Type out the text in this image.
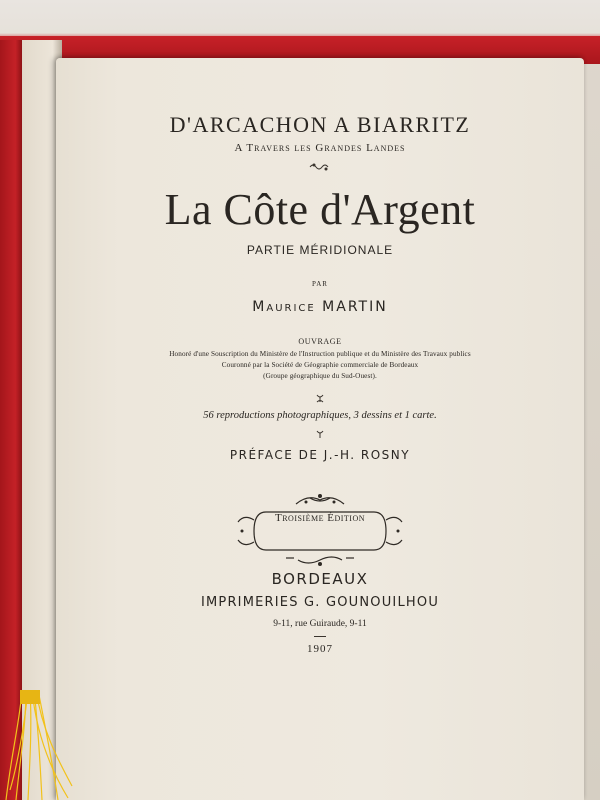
D'ARCACHON A BIARRITZ
A Travers les Grandes Landes
La Côte d'Argent
PARTIE MÉRIDIONALE
PAR
Maurice MARTIN
OUVRAGE
Honoré d'une Souscription du Ministère de l'Instruction publique et du Ministère des Travaux publics
Couronné par la Société de Géographie commerciale de Bordeaux
(Groupe géographique du Sud-Ouest).
56 reproductions photographiques, 3 dessins et 1 carte.
PRÉFACE DE J.-H. ROSNY
Troisième Édition
BORDEAUX
IMPRIMERIES G. GOUNOUILHOU
9-11, rue Guiraude, 9-11
1907
